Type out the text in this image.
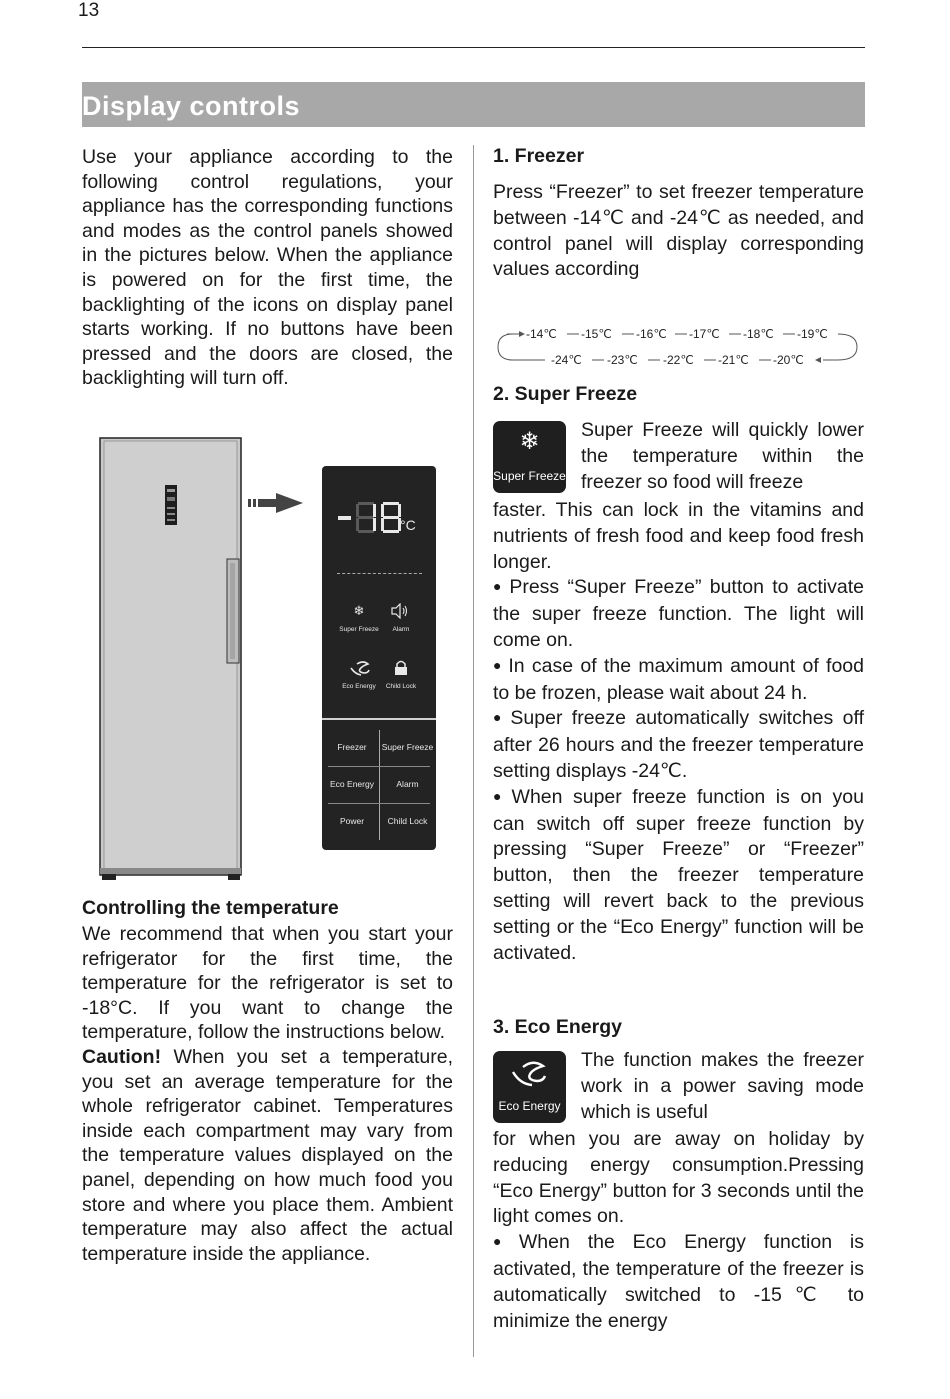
13
Display controls

Use your appliance according to the following control regulations, your appliance has the corresponding functions and modes as the control panels showed in the pictures below. When the appliance is powered on for the first time, the backlighting of the icons on display panel starts working. If no buttons have been pressed and the doors are closed, the backlighting will turn off.

°C
❄
Super Freeze	Alarm
Eco Energy	Child Lock
Freezer	Super Freeze
Eco Energy	Alarm
Power	Child Lock
Controlling the temperature

We recommend that when you start your refrigerator for the first time, the temperature for the refrigerator is set to -18°C. If you want to change the temperature, follow the instructions below.

Caution! When you set a temperature, you set an average temperature for the whole refrigerator cabinet. Temperatures inside each compartment may vary from the temperature values displayed on the panel, depending on how much food you store and where you place them. Ambient temperature may also affect the actual temperature inside the appliance.

1. Freezer
Press “Freezer” to set freezer temperature between -14℃ and -24℃ as needed, and control panel will display corresponding values according
-14℃ -15℃ -16℃ -17℃ -18℃ -19℃
-24℃ -23℃ -22℃ -21℃ -20℃
2. Super Freeze
❄
Super Freeze
Super Freeze will quickly lower the temperature within the freezer so food will freeze

faster. This can lock in the vitamins and nutrients of fresh food and keep food fresh longer.

● Press “Super Freeze” button to activate the super freeze function. The light will come on.

● In case of the maximum amount of food to be frozen, please wait about 24 h.

● Super freeze automatically switches off after 26 hours and the freezer temperature setting displays -24℃.

● When super freeze function is on you can switch off super freeze function by pressing “Super Freeze” or “Freezer” button, then the freezer temperature setting will revert back to the previous setting or the “Eco Energy” function will be activated.

3. Eco Energy
Eco Energy
The function makes the freezer work in a power saving mode which is useful

for when you are away on holiday by reducing energy consumption.Pressing “Eco Energy” button for 3 seconds until the light comes on.

● When the Eco Energy function is activated, the temperature of the freezer is automatically switched to -15℃ to minimize the energy
